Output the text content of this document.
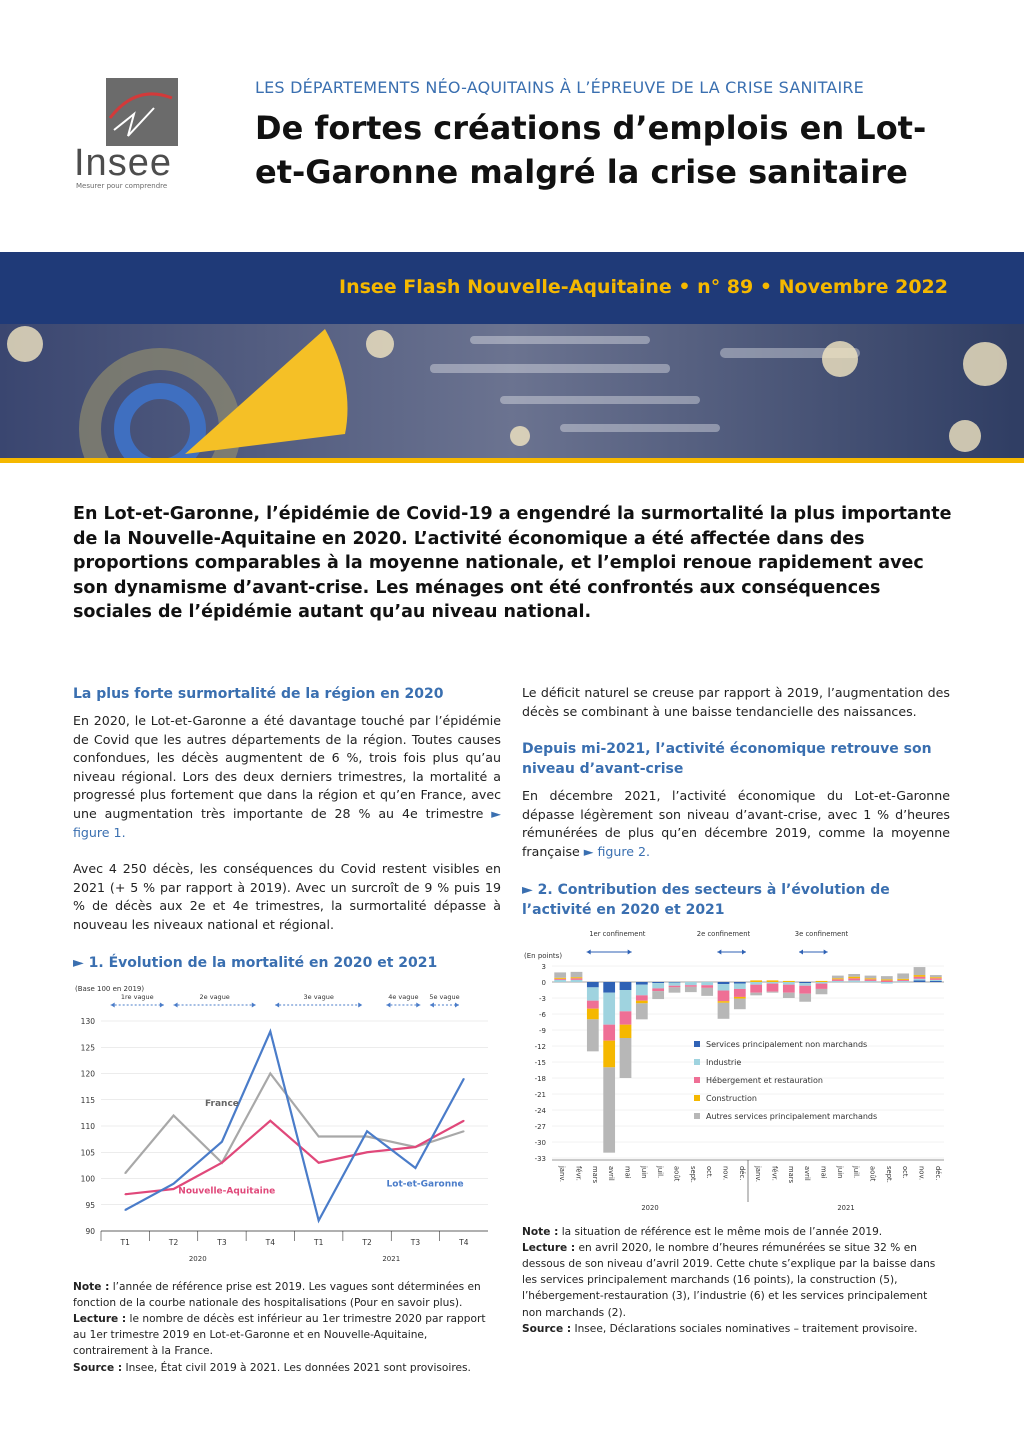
Insee
Mesurer pour comprendre
LES DÉPARTEMENTS NÉO-AQUITAINS À L’ÉPREUVE DE LA CRISE SANITAIRE
De fortes créations d’emplois en Lot-et-Garonne malgré la crise sanitaire
Insee Flash Nouvelle-Aquitaine • n° 89 • Novembre 2022
En Lot-et-Garonne, l’épidémie de Covid-19 a engendré la surmortalité la plus importante de la Nouvelle-Aquitaine en 2020. L’activité économique a été affectée dans des proportions comparables à la moyenne nationale, et l’emploi renoue rapidement avec son dynamisme d’avant-crise. Les ménages ont été confrontés aux conséquences sociales de l’épidémie autant qu’au niveau national.
La plus forte surmortalité de la région en 2020
En 2020, le Lot-et-Garonne a été davantage touché par l’épidémie de Covid que les autres départements de la région. Toutes causes confondues, les décès augmentent de 6 %, trois fois plus qu’au niveau régional. Lors des deux derniers trimestres, la mortalité a progressé plus fortement que dans la région et qu’en France, avec une augmentation très importante de 28 % au 4e trimestre ► figure 1.
Avec 4 250 décès, les conséquences du Covid restent visibles en 2021 (+ 5 % par rapport à 2019). Avec un surcroît de 9 % puis 19 % de décès aux 2e et 4e trimestres, la surmortalité dépasse à nouveau les niveaux national et régional.
► 1. Évolution de la mortalité en 2020 et 2021
(Base 100 en 2019)
90
95
100
105
110
115
120
125
130
T1	T2	T3	T4	T1	T2	T3	T4
2020	2021
1re vague	2e vague	3e vague	4e vague 5e vague
France
Nouvelle-Aquitaine
Lot-et-Garonne
Note : l’année de référence prise est 2019. Les vagues sont déterminées en fonction de la courbe nationale des hospitalisations (Pour en savoir plus).
Lecture : le nombre de décès est inférieur au 1er trimestre 2020 par rapport au 1er trimestre 2019 en Lot-et-Garonne et en Nouvelle-Aquitaine, contrairement à la France.
Source : Insee, État civil 2019 à 2021. Les données 2021 sont provisoires.
Le déficit naturel se creuse par rapport à 2019, l’augmentation des décès se combinant à une baisse tendancielle des naissances.
Depuis mi-2021, l’activité économique retrouve son niveau d’avant-crise
En décembre 2021, l’activité économique du Lot-et-Garonne dépasse légèrement son niveau d’avant-crise, avec 1 % d’heures rémunérées de plus qu’en décembre 2019, comme la moyenne française ► figure 2.
► 2. Contribution des secteurs à l’évolution de l’activité en 2020 et 2021
(En points)
3
0
-3
-6
-9
-12
-15
-18
-21
-24
-27
-30
-33
janv. févr. mars avril mai juin juil. août sept. oct. nov. déc. janv. févr. mars avril mai juin juil. août sept. oct. nov. déc.
2020	2021
1er confinement	2e confinement	3e confinement
Services principalement non marchands
Industrie
Hébergement et restauration
Construction
Autres services principalement marchands
Note : la situation de référence est le même mois de l’année 2019.
Lecture : en avril 2020, le nombre d’heures rémunérées se situe 32 % en dessous de son niveau d’avril 2019. Cette chute s’explique par la baisse dans les services principalement marchands (16 points), la construction (5), l’hébergement-restauration (3), l’industrie (6) et les services principalement non marchands (2).
Source : Insee, Déclarations sociales nominatives – traitement provisoire.
